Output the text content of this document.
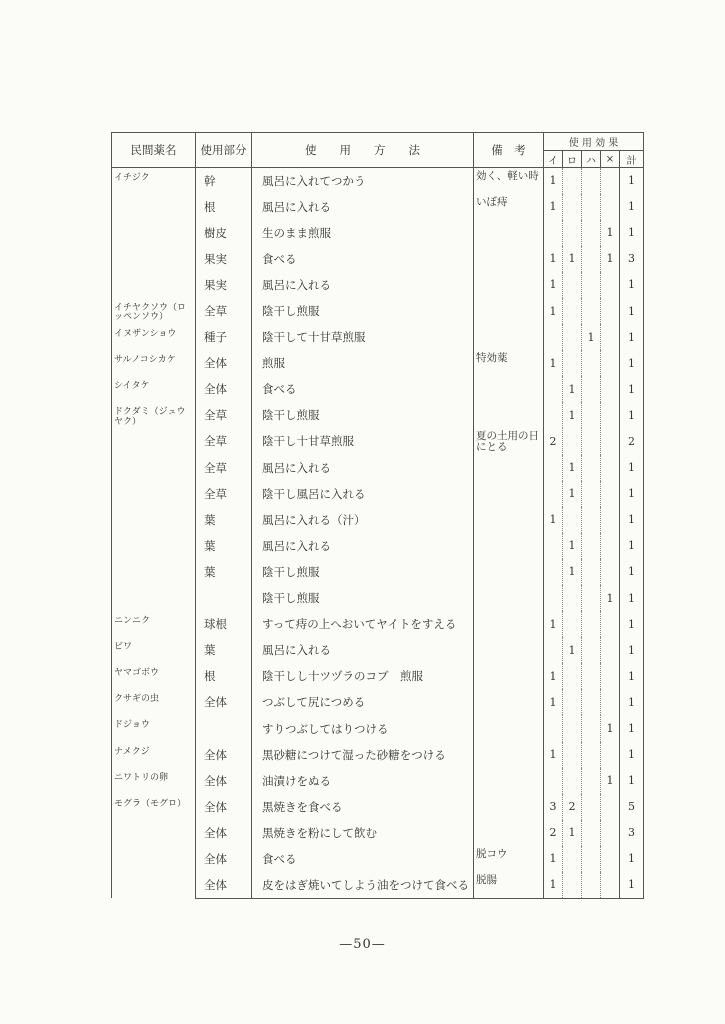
民間薬名	使用部分	使　　用　　方　　法	備　考	使 用 効 果				
				イ	ロ	ハ	×	計
イチジク	幹	風呂に入れてつかう	効く、軽い時	1				1
	根	風呂に入れる	いぼ痔	1				1
	樹皮	生のまま煎服					1	1
	果実	食べる		1	1		1	3
	果実	風呂に入れる		1				1
イチヤクソウ（ロッペンソウ）	全草	陰干し煎服		1				1
イヌザンショウ	種子	陰干して十甘草煎服				1		1
サルノコシカケ	全体	煎服	特効薬	1				1
シイタケ	全体	食べる			1			1
ドクダミ（ジュウヤク）	全草	陰干し煎服			1			1
	全草	陰干し十甘草煎服	夏の土用の日にとる	2				2
	全草	風呂に入れる			1			1
	全草	陰干し風呂に入れる			1			1
	葉	風呂に入れる（汁）		1				1
	葉	風呂に入れる			1			1
	葉	陰干し煎服			1			1
		陰干し煎服					1	1
ニンニク	球根	すって痔の上へおいてヤイトをすえる		1				1
ビワ	葉	風呂に入れる			1			1
ヤマゴボウ	根	陰干しし十ツヅラのコブ　煎服		1				1
クサギの虫	全体	つぶして尻につめる		1				1
ドジョウ		すりつぶしてはりつける					1	1
ナメクジ	全体	黒砂糖につけて湿った砂糖をつける		1				1
ニワトリの卵	全体	油漬けをぬる					1	1
モグラ（モグロ）	全体	黒焼きを食べる		3	2			5
	全体	黒焼きを粉にして飲む		2	1			3
	全体	食べる	脱コウ	1				1
	全体	皮をはぎ焼いてしよう油をつけて食べる	脱腸	1				1
—50—
